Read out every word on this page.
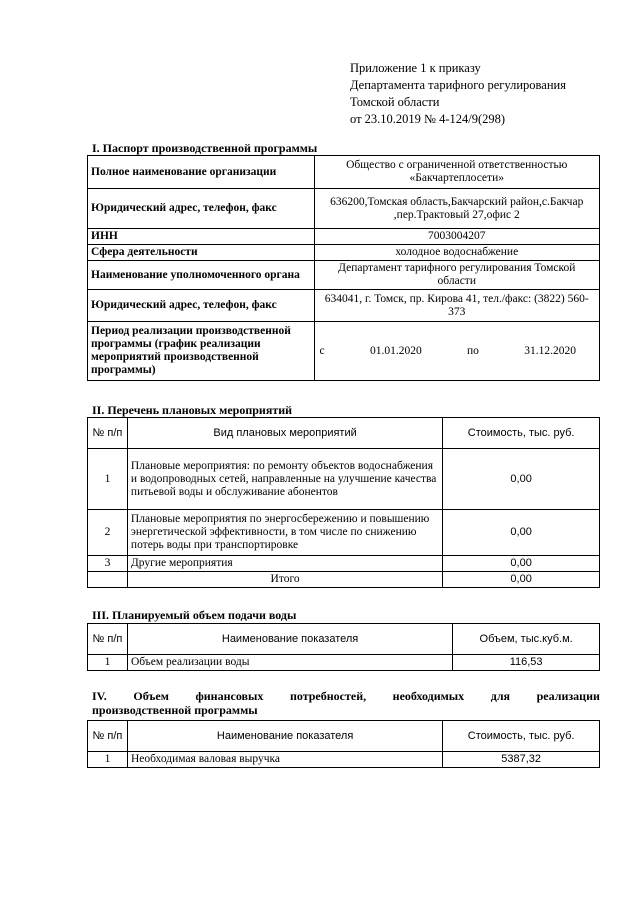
Приложение 1 к приказу
Департамента тарифного регулирования
Томской области
от 23.10.2019 № 4-124/9(298)
I. Паспорт производственной программы
Полное наименование организации	Общество с ограниченной ответственностью «Бакчартеплосети»
Юридический адрес, телефон, факс	636200,Томская область,Бакчарский район,с.Бакчар ,пер.Трактовый 27,офис 2
ИНН	7003004207
Сфера деятельности	холодное водоснабжение
Наименование уполномоченного органа	Департамент тарифного регулирования Томской области
Юридический адрес, телефон, факс	634041, г. Томск, пр. Кирова 41, тел./факс: (3822) 560-373
Период реализации производственной программы (график реализации мероприятий производственной программы)	с 01.01.2020 по 31.12.2020
II. Перечень плановых мероприятий
№ п/п	Вид плановых мероприятий	Стоимость, тыс. руб.
1	Плановые мероприятия: по ремонту объектов водоснабжения и водопроводных сетей, направленные на улучшение качества питьевой воды и обслуживание абонентов	0,00
2	Плановые мероприятия по энергосбережению и повышению энергетической эффективности, в том числе по снижению потерь воды при транспортировке	0,00
3	Другие мероприятия	0,00
	Итого	0,00
III. Планируемый объем подачи воды
№ п/п	Наименование показателя	Объем, тыс.куб.м.
1	Объем реализации воды	116,53
IV. Объем финансовых потребностей, необходимых для реализации
производственной программы
№ п/п	Наименование показателя	Стоимость, тыс. руб.
1	Необходимая валовая выручка	5387,32
